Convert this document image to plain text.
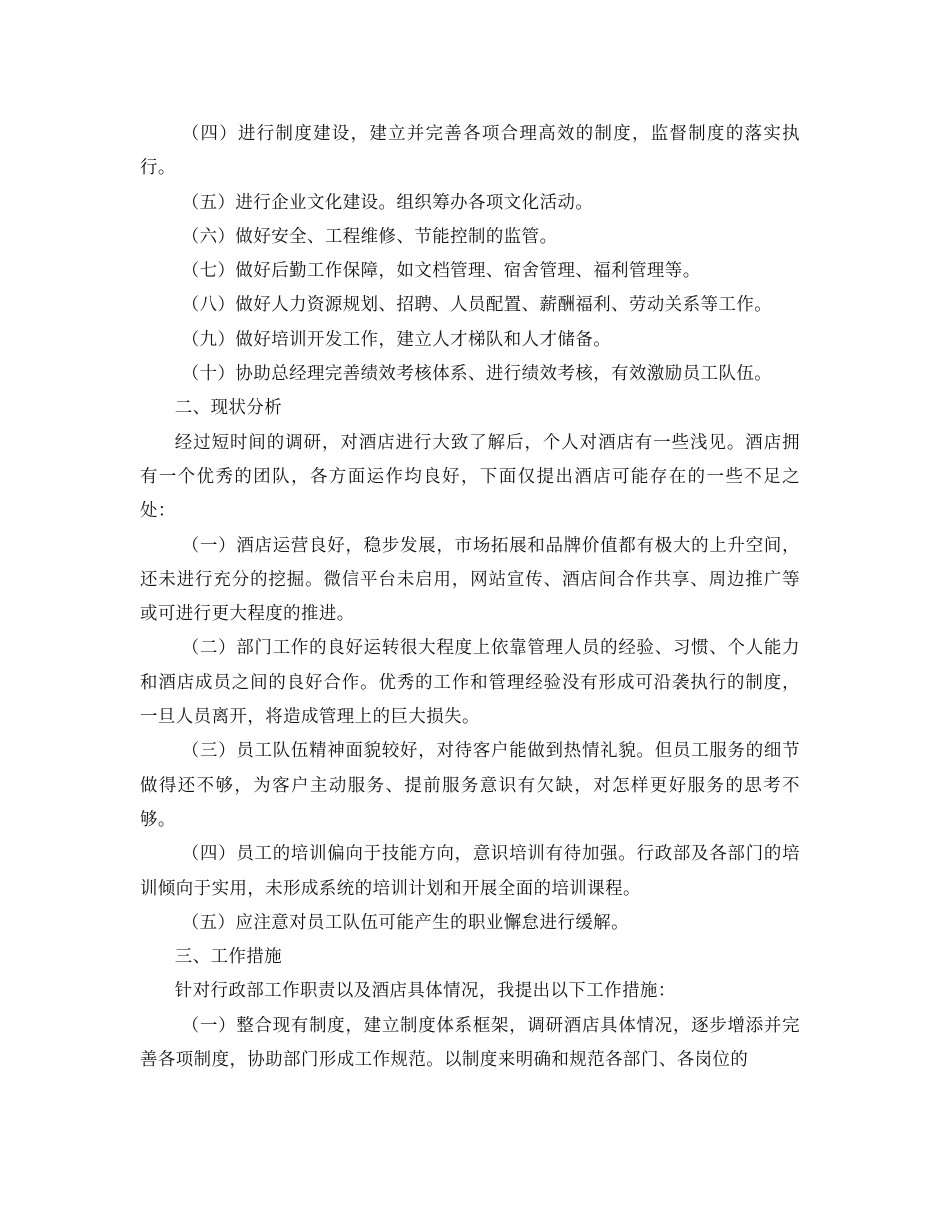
（四）进行制度建设，建立并完善各项合理高效的制度，监督制度的落实执行。

（五）进行企业文化建设。组织筹办各项文化活动。

（六）做好安全、工程维修、节能控制的监管。

（七）做好后勤工作保障，如文档管理、宿舍管理、福利管理等。

（八）做好人力资源规划、招聘、人员配置、薪酬福利、劳动关系等工作。

（九）做好培训开发工作，建立人才梯队和人才储备。

（十）协助总经理完善绩效考核体系、进行绩效考核，有效激励员工队伍。

二、现状分析

经过短时间的调研，对酒店进行大致了解后，个人对酒店有一些浅见。酒店拥有一个优秀的团队，各方面运作均良好，下面仅提出酒店可能存在的一些不足之处：

（一）酒店运营良好，稳步发展，市场拓展和品牌价值都有极大的上升空间，还未进行充分的挖掘。微信平台未启用，网站宣传、酒店间合作共享、周边推广等或可进行更大程度的推进。

（二）部门工作的良好运转很大程度上依靠管理人员的经验、习惯、个人能力和酒店成员之间的良好合作。优秀的工作和管理经验没有形成可沿袭执行的制度，一旦人员离开，将造成管理上的巨大损失。

（三）员工队伍精神面貌较好，对待客户能做到热情礼貌。但员工服务的细节做得还不够，为客户主动服务、提前服务意识有欠缺，对怎样更好服务的思考不够。

（四）员工的培训偏向于技能方向，意识培训有待加强。行政部及各部门的培训倾向于实用，未形成系统的培训计划和开展全面的培训课程。

（五）应注意对员工队伍可能产生的职业懈怠进行缓解。

三、工作措施

针对行政部工作职责以及酒店具体情况，我提出以下工作措施：

（一）整合现有制度，建立制度体系框架，调研酒店具体情况，逐步增添并完善各项制度，协助部门形成工作规范。以制度来明确和规范各部门、各岗位的
